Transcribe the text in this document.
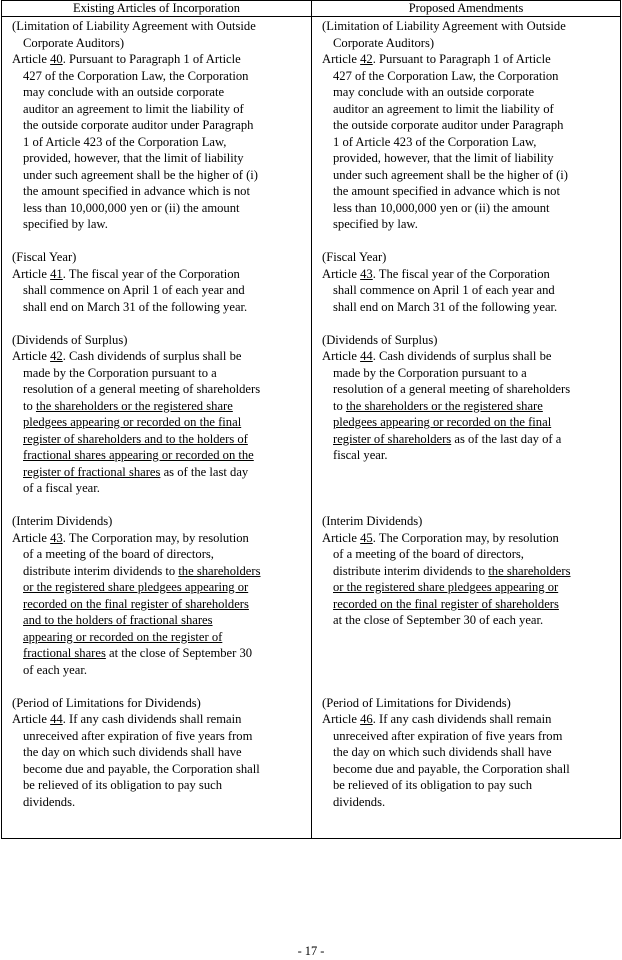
Existing Articles of Incorporation	Proposed Amendments
(Limitation of Liability Agreement with Outside
Corporate Auditors)
Article 40. Pursuant to Paragraph 1 of Article
427 of the Corporation Law, the Corporation
may conclude with an outside corporate
auditor an agreement to limit the liability of
the outside corporate auditor under Paragraph
1 of Article 423 of the Corporation Law,
provided, however, that the limit of liability
under such agreement shall be the higher of (i)
the amount specified in advance which is not
less than 10,000,000 yen or (ii) the amount
specified by law.
(Fiscal Year)
Article 41. The fiscal year of the Corporation
shall commence on April 1 of each year and
shall end on March 31 of the following year.
(Dividends of Surplus)
Article 42. Cash dividends of surplus shall be
made by the Corporation pursuant to a
resolution of a general meeting of shareholders
to the shareholders or the registered share
pledgees appearing or recorded on the final
register of shareholders and to the holders of
fractional shares appearing or recorded on the
register of fractional shares as of the last day
of a fiscal year.
(Interim Dividends)
Article 43. The Corporation may, by resolution
of a meeting of the board of directors,
distribute interim dividends to the shareholders
or the registered share pledgees appearing or
recorded on the final register of shareholders
and to the holders of fractional shares
appearing or recorded on the register of
fractional shares at the close of September 30
of each year.
(Period of Limitations for Dividends)
Article 44. If any cash dividends shall remain
unreceived after expiration of five years from
the day on which such dividends shall have
become due and payable, the Corporation shall
be relieved of its obligation to pay such
dividends.
(Limitation of Liability Agreement with Outside
Corporate Auditors)
Article 42. Pursuant to Paragraph 1 of Article
427 of the Corporation Law, the Corporation
may conclude with an outside corporate
auditor an agreement to limit the liability of
the outside corporate auditor under Paragraph
1 of Article 423 of the Corporation Law,
provided, however, that the limit of liability
under such agreement shall be the higher of (i)
the amount specified in advance which is not
less than 10,000,000 yen or (ii) the amount
specified by law.
(Fiscal Year)
Article 43. The fiscal year of the Corporation
shall commence on April 1 of each year and
shall end on March 31 of the following year.
(Dividends of Surplus)
Article 44. Cash dividends of surplus shall be
made by the Corporation pursuant to a
resolution of a general meeting of shareholders
to the shareholders or the registered share
pledgees appearing or recorded on the final
register of shareholders as of the last day of a
fiscal year.

(Interim Dividends)
Article 45. The Corporation may, by resolution
of a meeting of the board of directors,
distribute interim dividends to the shareholders
or the registered share pledgees appearing or
recorded on the final register of shareholders
at the close of September 30 of each year.

(Period of Limitations for Dividends)
Article 46. If any cash dividends shall remain
unreceived after expiration of five years from
the day on which such dividends shall have
become due and payable, the Corporation shall
be relieved of its obligation to pay such
dividends.
- 17 -
